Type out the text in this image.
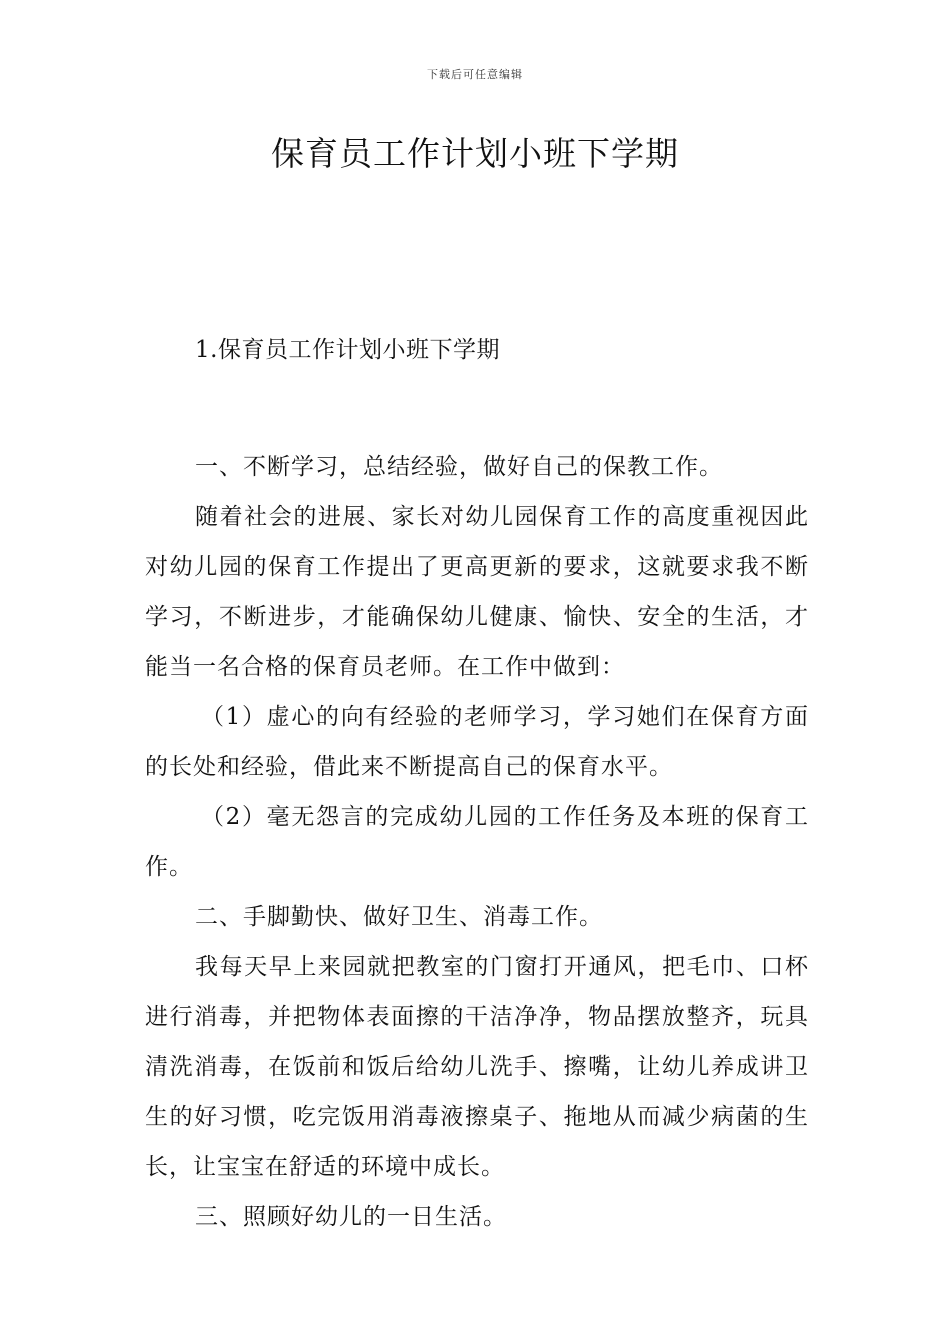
下载后可任意编辑
保育员工作计划小班下学期

1.保育员工作计划小班下学期

一、不断学习，总结经验，做好自己的保教工作。

随着社会的进展、家长对幼儿园保育工作的高度重视因此对幼儿园的保育工作提出了更高更新的要求，这就要求我不断学习，不断进步，才能确保幼儿健康、愉快、安全的生活，才能当一名合格的保育员老师。在工作中做到：

（1）虚心的向有经验的老师学习，学习她们在保育方面的长处和经验，借此来不断提高自己的保育水平。

（2）毫无怨言的完成幼儿园的工作任务及本班的保育工作。

二、手脚勤快、做好卫生、消毒工作。

我每天早上来园就把教室的门窗打开通风，把毛巾、口杯进行消毒，并把物体表面擦的干洁净净，物品摆放整齐，玩具清洗消毒，在饭前和饭后给幼儿洗手、擦嘴，让幼儿养成讲卫生的好习惯，吃完饭用消毒液擦桌子、拖地从而减少病菌的生长，让宝宝在舒适的环境中成长。

三、照顾好幼儿的一日生活。
